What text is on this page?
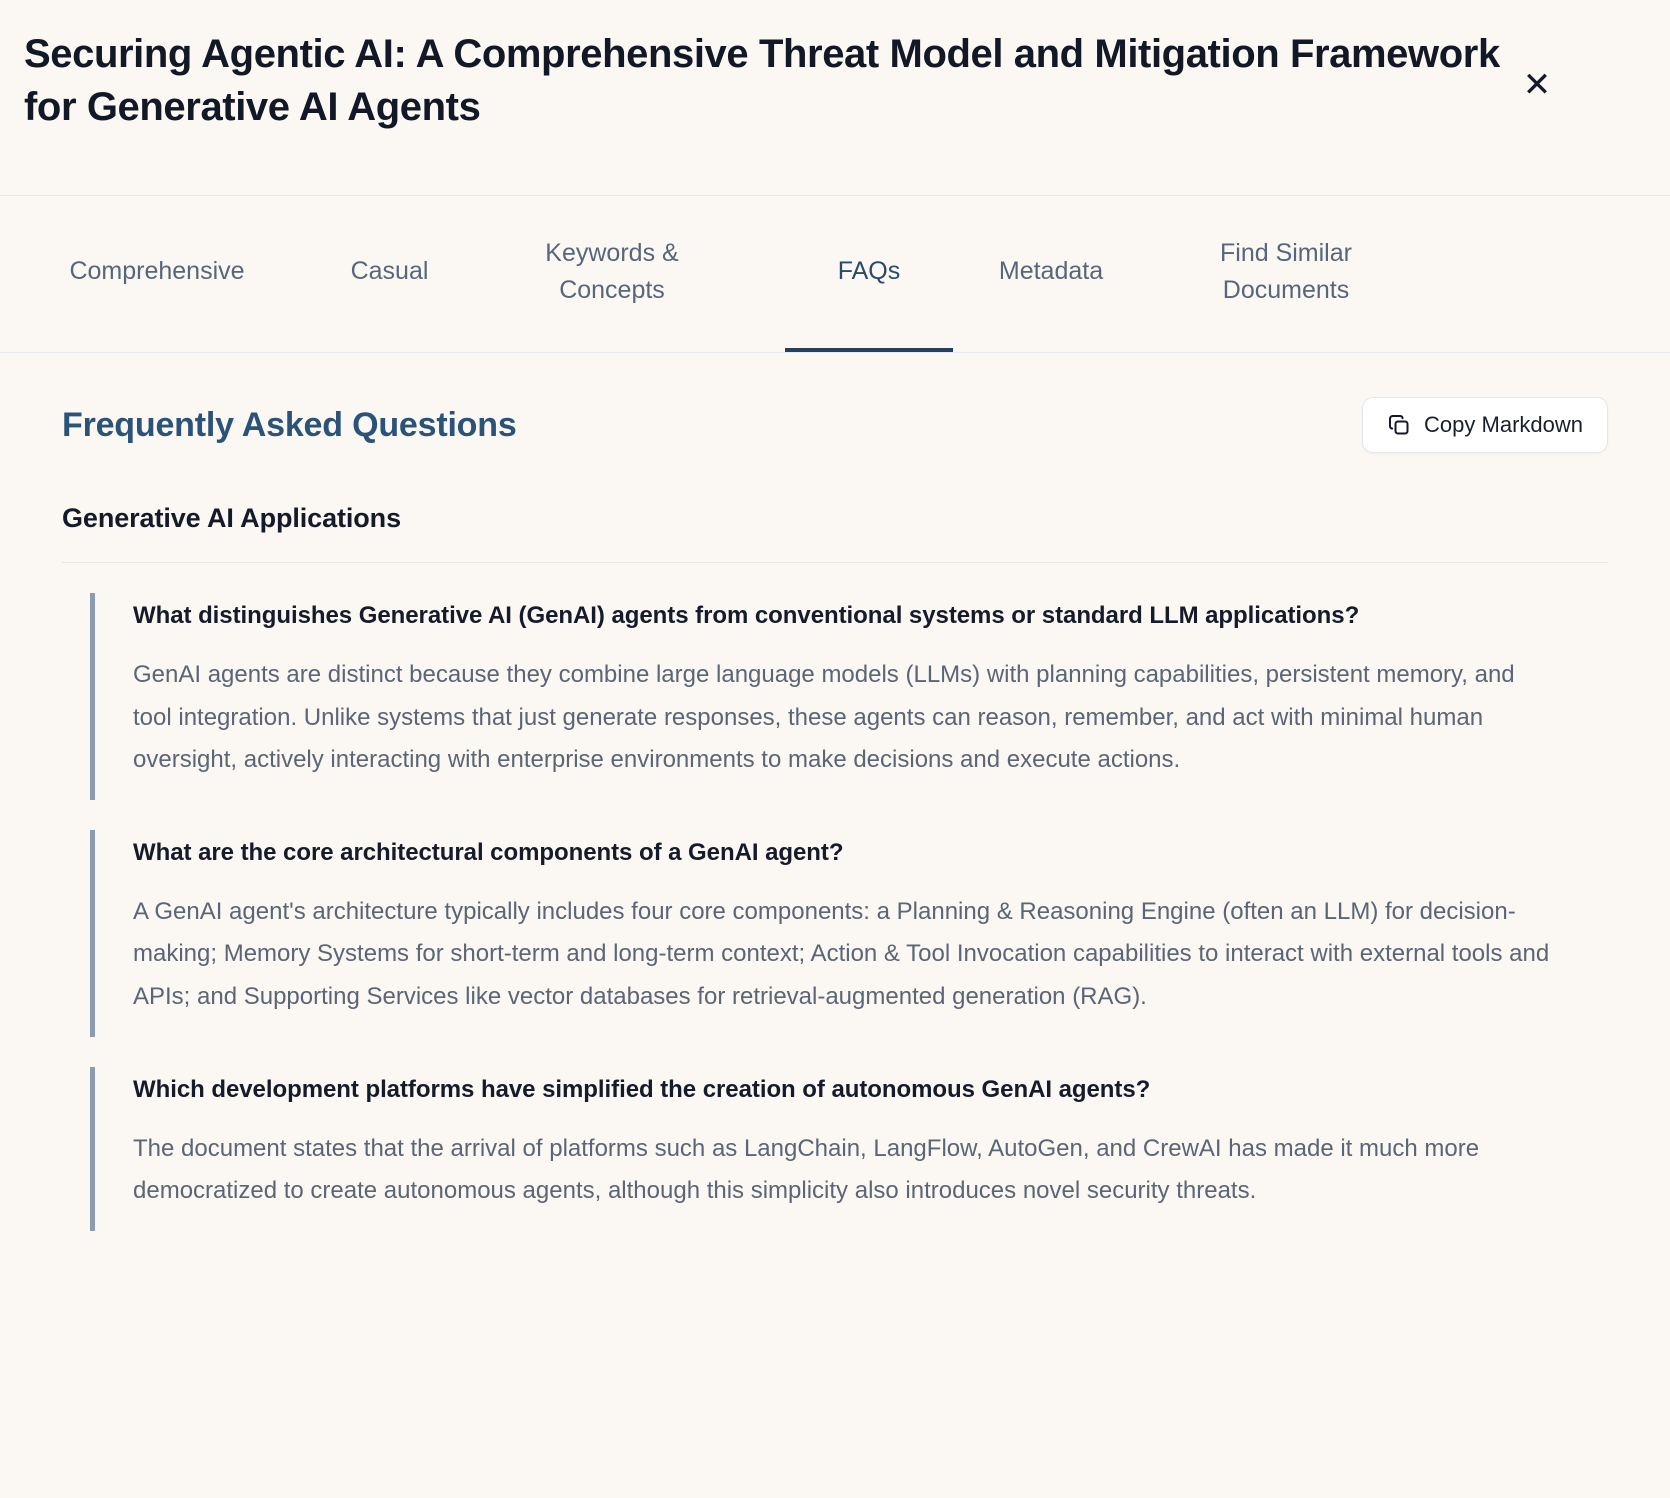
Securing Agentic AI: A Comprehensive Threat Model and Mitigation Framework for Generative AI Agents	✕
Comprehensive	Casual
Keywords & Concepts
FAQs	Metadata
Find Similar Documents
Frequently Asked Questions	Copy Markdown
Generative AI Applications
What distinguishes Generative AI (GenAI) agents from conventional systems or standard LLM applications?
GenAI agents are distinct because they combine large language models (LLMs) with planning capabilities, persistent memory, and tool integration. Unlike systems that just generate responses, these agents can reason, remember, and act with minimal human oversight, actively interacting with enterprise environments to make decisions and execute actions.
What are the core architectural components of a GenAI agent?
A GenAI agent's architecture typically includes four core components: a Planning & Reasoning Engine (often an LLM) for decision-making; Memory Systems for short-term and long-term context; Action & Tool Invocation capabilities to interact with external tools and APIs; and Supporting Services like vector databases for retrieval-augmented generation (RAG).
Which development platforms have simplified the creation of autonomous GenAI agents?
The document states that the arrival of platforms such as LangChain, LangFlow, AutoGen, and CrewAI has made it much more democratized to create autonomous agents, although this simplicity also introduces novel security threats.
